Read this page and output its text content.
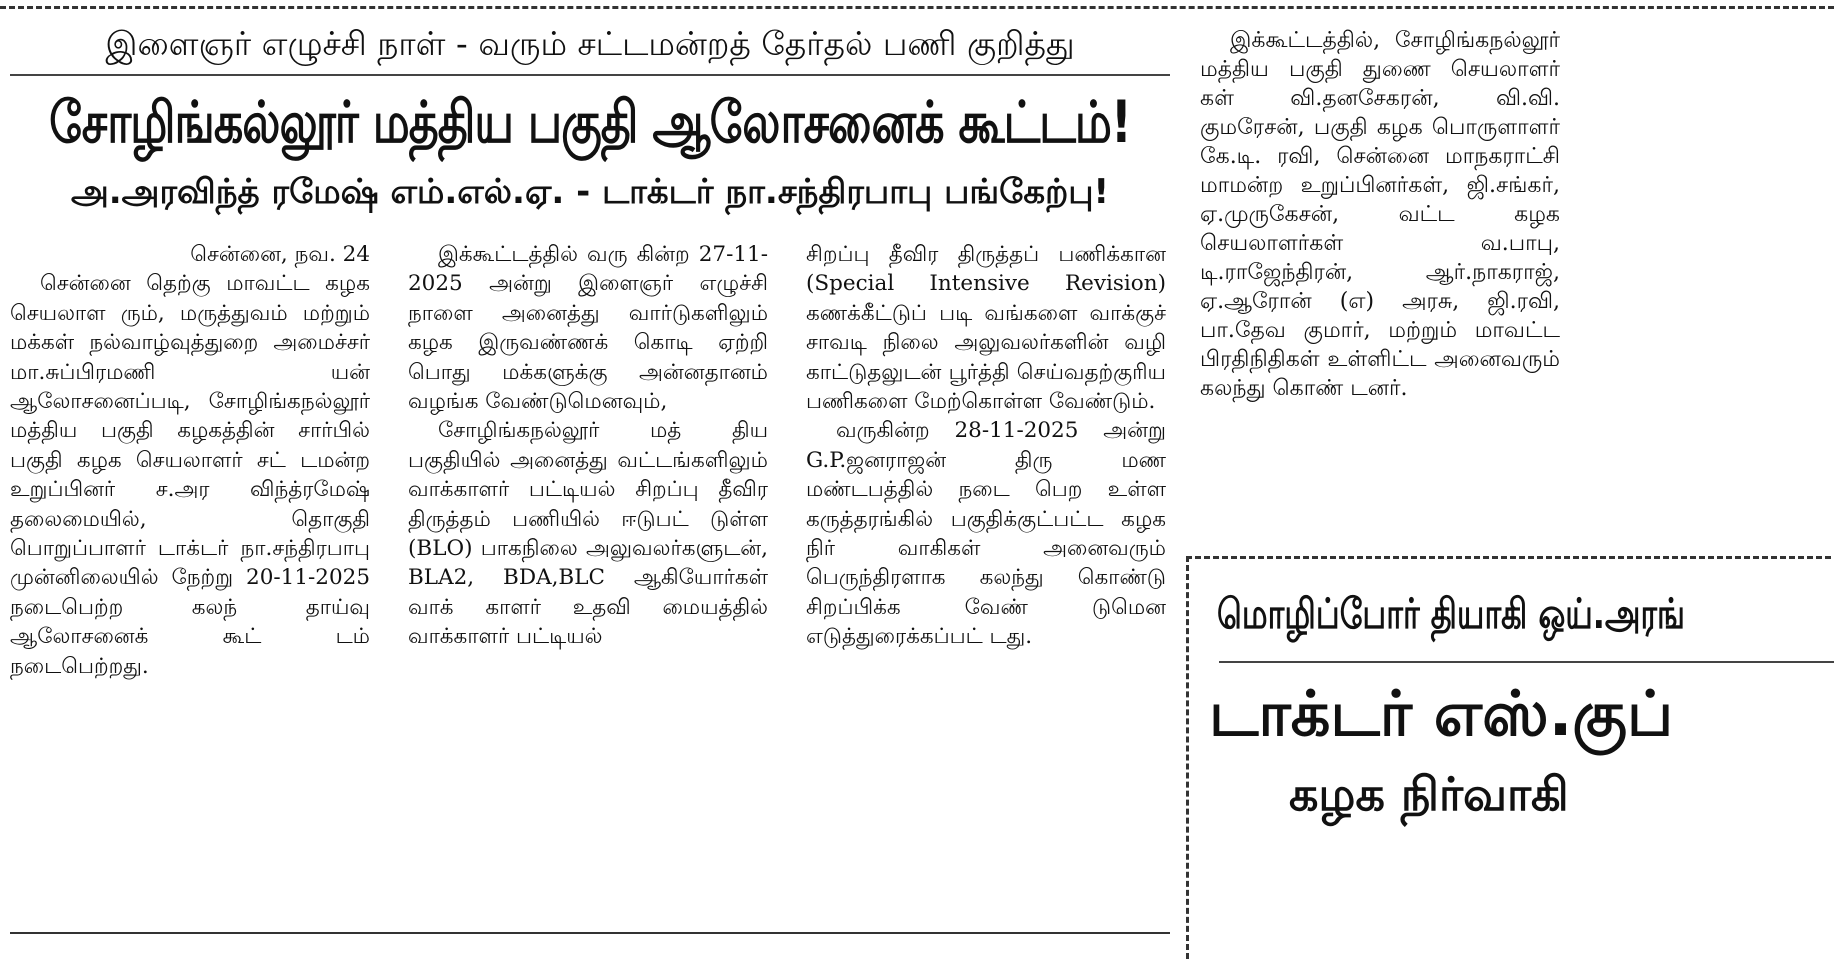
இளைஞர் எழுச்சி நாள் - வரும் சட்டமன்றத் தேர்தல் பணி குறித்து
சோழிங்கல்லூர் மத்திய பகுதி ஆலோசனைக் கூட்டம்!
அ.அரவிந்த் ரமேஷ் எம்.எல்.ஏ. - டாக்டர் நா.சந்திரபாபு பங்கேற்பு!

சென்னை, நவ. 24

சென்னை தெற்கு மாவட்ட கழக செயலாள ரும், மருத்துவம் மற்றும் மக்கள் நல்வாழ்வுத்துறை அமைச்சர் மா.சுப்பிரமணி யன் ஆலோசனைப்படி, சோழிங்கநல்லூர் மத்திய பகுதி கழகத்தின் சார்பில் பகுதி கழக செயலாளர் சட் டமன்ற உறுப்பினர் ச.அர விந்த்ரமேஷ் தலைமையில், தொகுதி பொறுப்பாளர் டாக்டர் நா.சந்திரபாபு முன்னிலையில் நேற்று 20-11-2025 நடைபெற்ற கலந் தாய்வு ஆலோசனைக் கூட் டம் நடைபெற்றது.

இக்கூட்டத்தில் வரு கின்ற 27-11-2025 அன்று இளைஞர் எழுச்சி நாளை அனைத்து வார்டுகளிலும் கழக இருவண்ணக் கொடி ஏற்றி பொது மக்களுக்கு அன்னதானம் வழங்க வேண்டுமெனவும்,

சோழிங்கநல்லூர் மத் திய பகுதியில் அனைத்து வட்டங்களிலும் வாக்காளர் பட்டியல் சிறப்பு தீவிர திருத்தம் பணியில் ஈடுபட் டுள்ள (BLO) பாகநிலை அலுவலர்களுடன், BLA2, BDA,BLC ஆகியோர்கள் வாக் காளர் உதவி மையத்தில் வாக்காளர் பட்டியல்

சிறப்பு தீவிர திருத்தப் பணிக்கான (Special Intensive Revision) கணக்கீட்டுப் படி வங்களை வாக்குச் சாவடி நிலை அலுவலர்களின் வழி காட்டுதலுடன் பூர்த்தி செய்வதற்குரிய பணிகளை மேற்கொள்ள வேண்டும்.

வருகின்ற 28-11-2025 அன்று G.P.ஜனராஜன் திரு மண மண்டபத்தில் நடை பெற உள்ள கருத்தரங்கில் பகுதிக்குட்பட்ட கழக நிர் வாகிகள் அனைவரும் பெருந்திரளாக கலந்து கொண்டு சிறப்பிக்க வேண் டுமென எடுத்துரைக்கப்பட் டது.

இக்கூட்டத்தில், சோழிங்கநல்லூர் மத்திய பகுதி துணை செயலாளர் கள் வி.தனசேகரன், வி.வி. குமரேசன், பகுதி கழக பொருளாளர் கே.டி. ரவி, சென்னை மாநகராட்சி மாமன்ற உறுப்பினர்கள், ஜி.சங்கர், ஏ.முருகேசன், வட்ட கழக செயலாளர்கள் வ.பாபு, டி.ராஜேந்திரன், ஆர்.நாகராஜ், ஏ.ஆரோன் (எ) அரசு, ஜி.ரவி, பா.தேவ குமார், மற்றும் மாவட்ட பிரதிநிதிகள் உள்ளிட்ட அனைவரும் கலந்து கொண் டனர்.

மொழிப்போர் தியாகி ஒய்.அரங்
டாக்டர் எஸ்.குப்
கழக நிர்வாகி
